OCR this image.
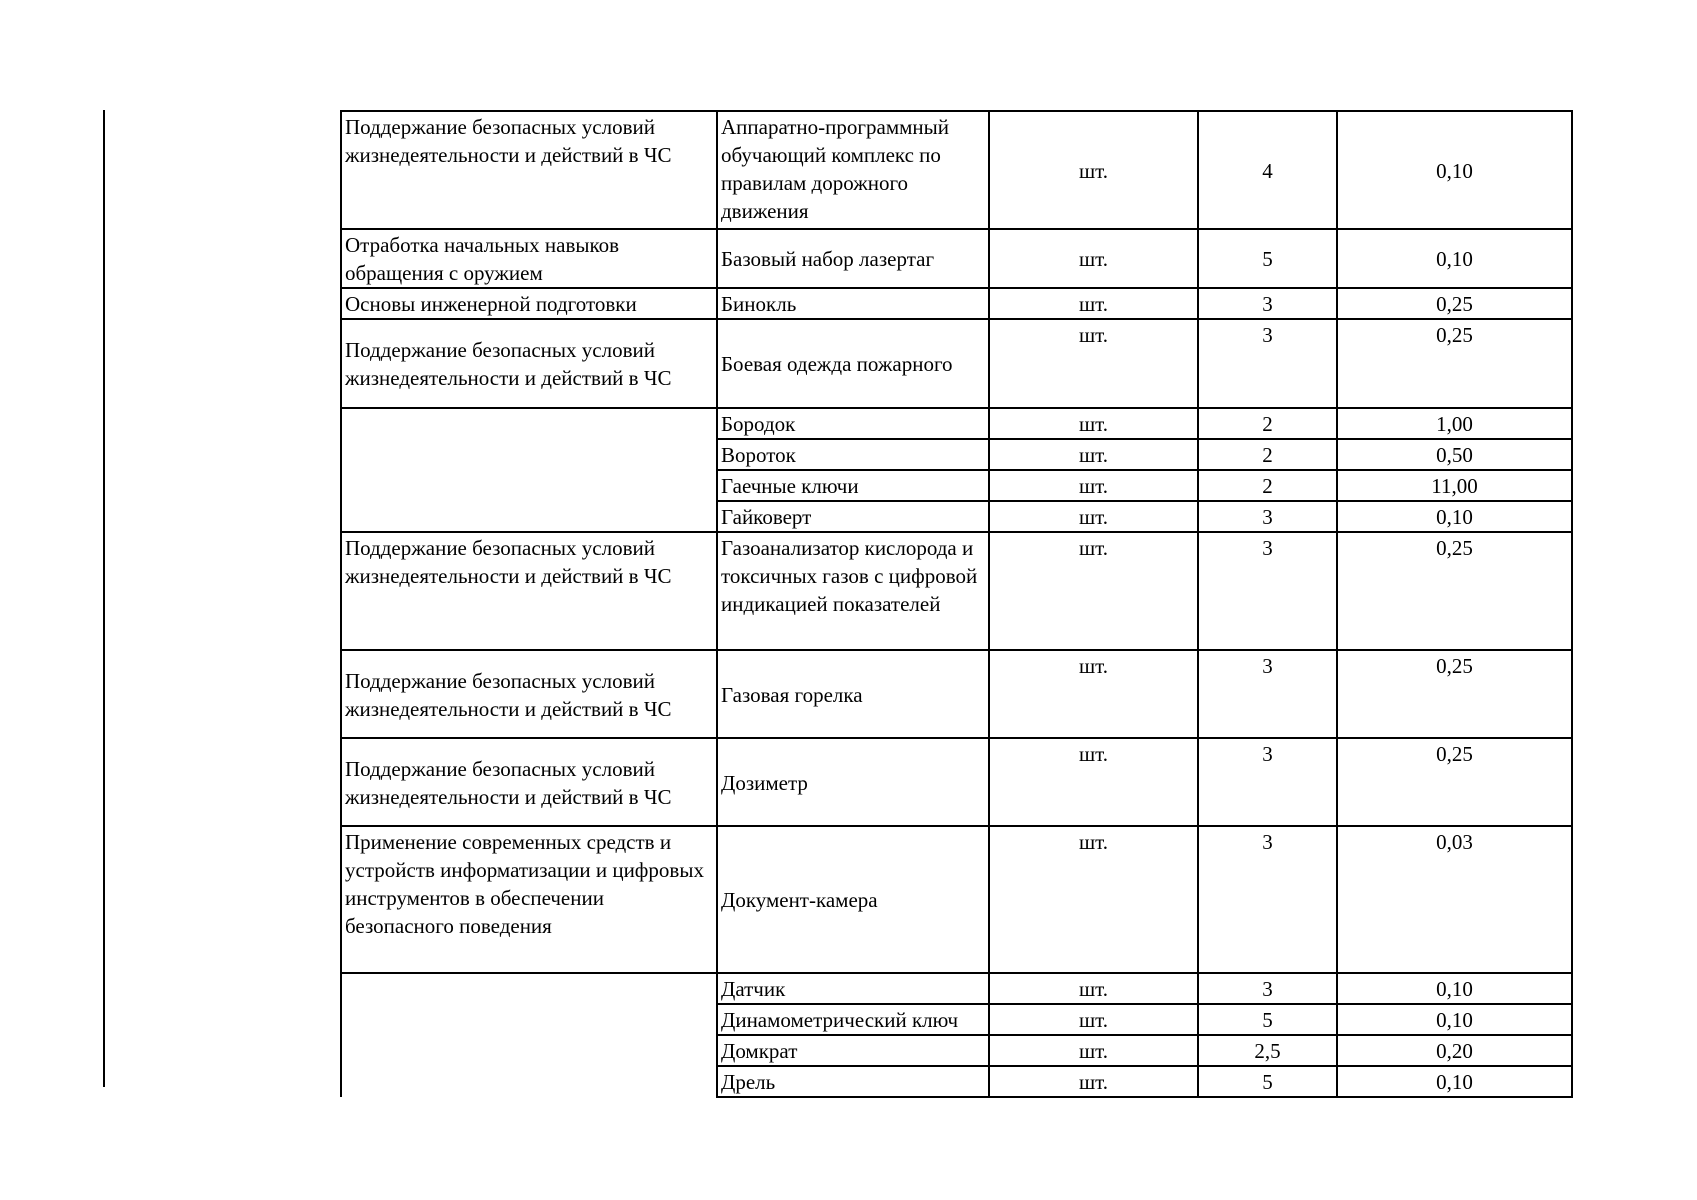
Поддержание безопасных условий жизнедеятельности и действий в ЧС	Аппаратно-программный обучающий комплекс по правилам дорожного движения	шт.	4	0,10
Отработка начальных навыков обращения с оружием	Базовый набор лазертаг	шт.	5	0,10
Основы инженерной подготовки	Бинокль	шт.	3	0,25
Поддержание безопасных условий жизнедеятельности и действий в ЧС	Боевая одежда пожарного	шт.	3	0,25
	Бородок	шт.	2	1,00
	Вороток	шт.	2	0,50
	Гаечные ключи	шт.	2	11,00
	Гайковерт	шт.	3	0,10
Поддержание безопасных условий жизнедеятельности и действий в ЧС	Газоанализатор кислорода и токсичных газов с цифровой индикацией показателей	шт.	3	0,25
Поддержание безопасных условий жизнедеятельности и действий в ЧС	Газовая горелка	шт.	3	0,25
Поддержание безопасных условий жизнедеятельности и действий в ЧС	Дозиметр	шт.	3	0,25
Применение современных средств и устройств информатизации и цифровых инструментов в обеспечении безопасного поведения	Документ-камера	шт.	3	0,03
	Датчик	шт.	3	0,10
	Динамометрический ключ	шт.	5	0,10
	Домкрат	шт.	2,5	0,20
	Дрель	шт.	5	0,10
